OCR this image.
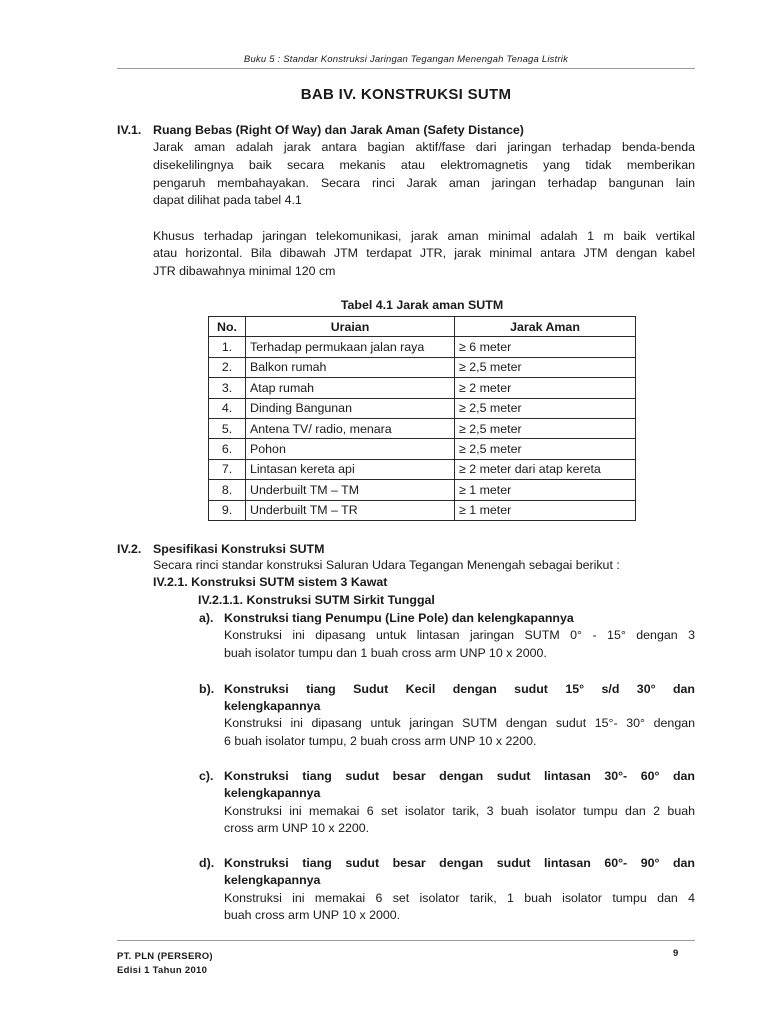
Buku 5 : Standar Konstruksi Jaringan Tegangan Menengah Tenaga Listrik
BAB IV. KONSTRUKSI SUTM
IV.1. Ruang Bebas (Right Of Way) dan Jarak Aman (Safety Distance)
Jarak aman adalah jarak antara bagian aktif/fase dari jaringan terhadap benda-benda
disekelilingnya baik secara mekanis atau elektromagnetis yang tidak memberikan
pengaruh membahayakan. Secara rinci Jarak aman jaringan terhadap bangunan lain
dapat dilihat pada tabel 4.1
Khusus terhadap jaringan telekomunikasi, jarak aman minimal adalah 1 m baik vertikal
atau horizontal. Bila dibawah JTM terdapat JTR, jarak minimal antara JTM dengan kabel
JTR dibawahnya minimal 120 cm
Tabel 4.1 Jarak aman SUTM
No.	Uraian	Jarak Aman
1.	Terhadap permukaan jalan raya	≥ 6 meter
2.	Balkon rumah	≥ 2,5 meter
3.	Atap rumah	≥ 2 meter
4.	Dinding Bangunan	≥ 2,5 meter
5.	Antena TV/ radio, menara	≥ 2,5 meter
6.	Pohon	≥ 2,5 meter
7.	Lintasan kereta api	≥ 2 meter dari atap kereta
8.	Underbuilt TM – TM	≥ 1 meter
9.	Underbuilt TM – TR	≥ 1 meter
IV.2. Spesifikasi Konstruksi SUTM
Secara rinci standar konstruksi Saluran Udara Tegangan Menengah sebagai berikut :
IV.2.1. Konstruksi SUTM sistem 3 Kawat
IV.2.1.1. Konstruksi SUTM Sirkit Tunggal
a). Konstruksi tiang Penumpu (Line Pole) dan kelengkapannya
Konstruksi ini dipasang untuk lintasan jaringan SUTM 0° - 15° dengan 3
buah isolator tumpu dan 1 buah cross arm UNP 10 x 2000.
b). Konstruksi tiang Sudut Kecil dengan sudut 15° s/d 30° dan
kelengkapannya
Konstruksi ini dipasang untuk jaringan SUTM dengan sudut 15°- 30° dengan
6 buah isolator tumpu, 2 buah cross arm UNP 10 x 2200.
c). Konstruksi tiang sudut besar dengan sudut lintasan 30°- 60° dan
kelengkapannya
Konstruksi ini memakai 6 set isolator tarik, 3 buah isolator tumpu dan 2 buah
cross arm UNP 10 x 2200.
d). Konstruksi tiang sudut besar dengan sudut lintasan 60°- 90° dan
kelengkapannya
Konstruksi ini memakai 6 set isolator tarik, 1 buah isolator tumpu dan 4
buah cross arm UNP 10 x 2000.
PT. PLN (PERSERO)
Edisi 1 Tahun 2010
9
